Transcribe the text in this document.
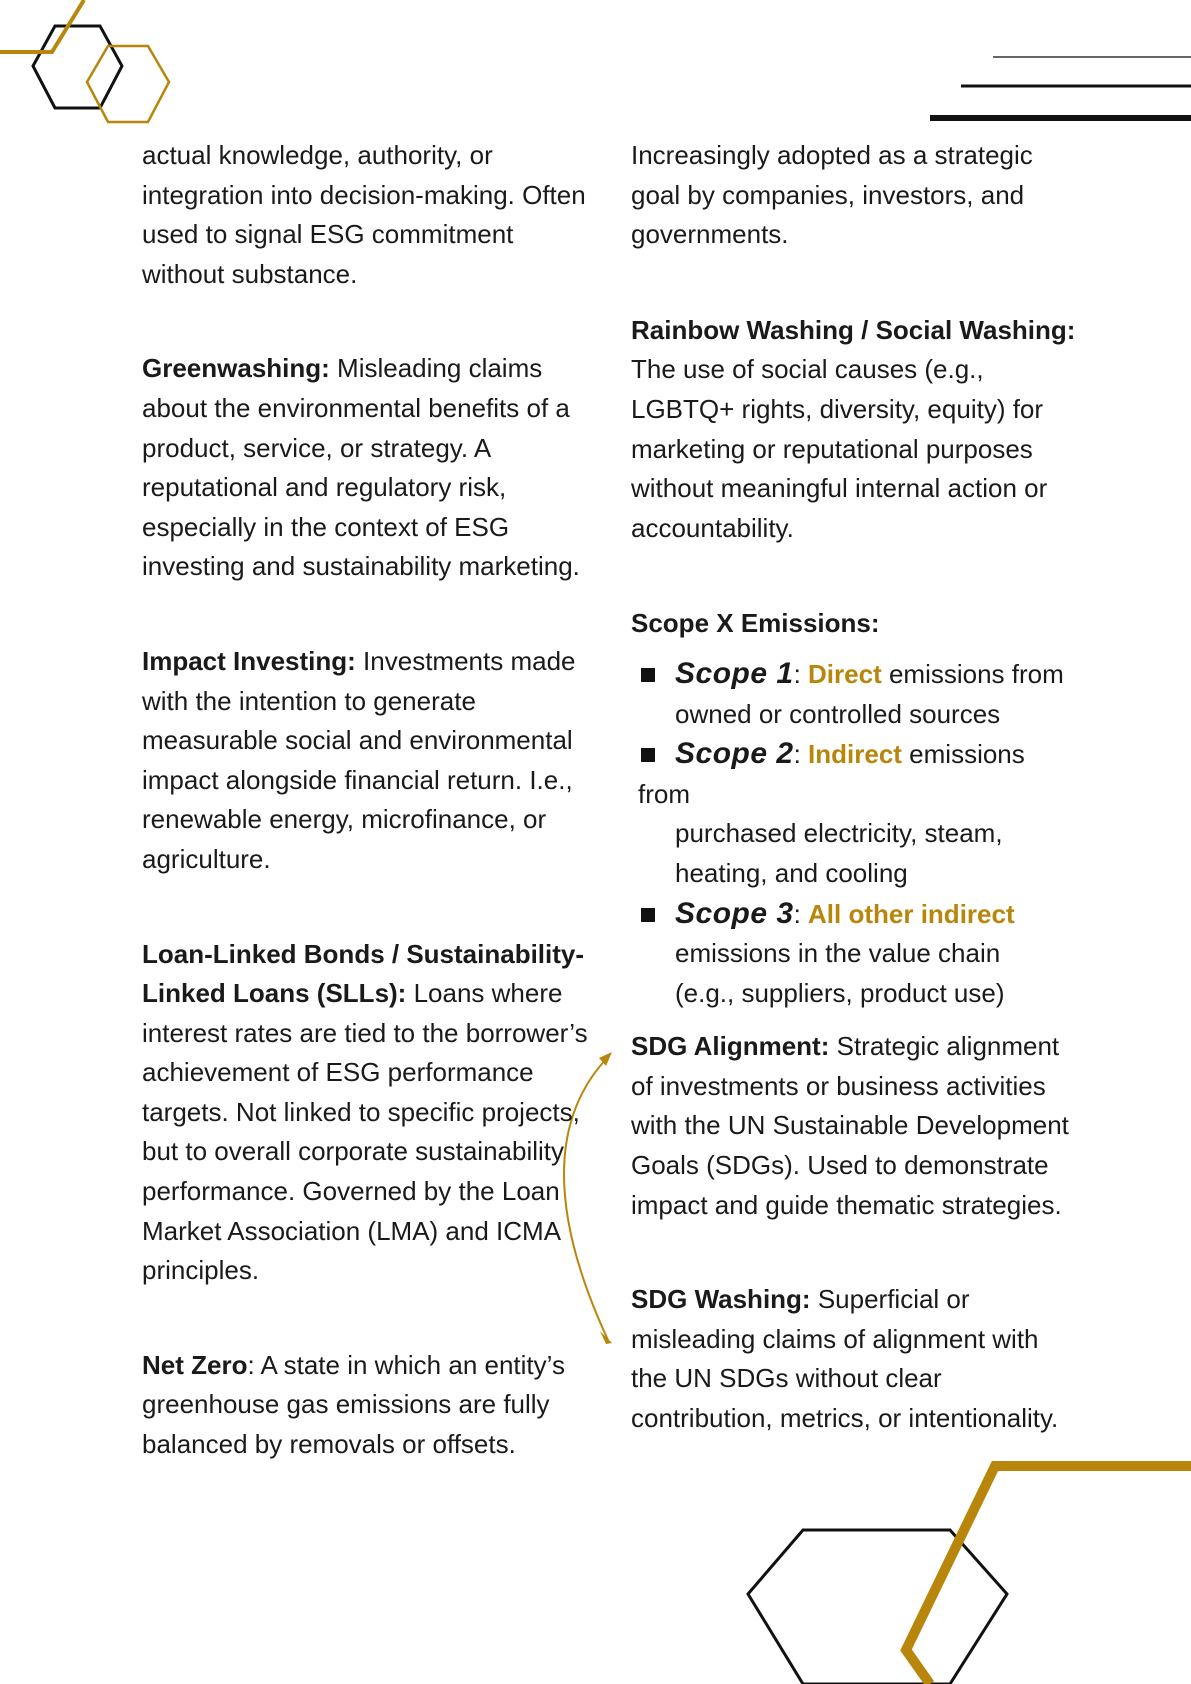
actual knowledge, authority, or integration into decision-making. Often used to signal ESG commitment without substance.

Greenwashing: Misleading claims about the environmental benefits of a product, service, or strategy. A reputational and regulatory risk, especially in the context of ESG investing and sustainability marketing.

Impact Investing: Investments made with the intention to generate measurable social and environmental impact alongside financial return. I.e., renewable energy, microfinance, or agriculture.

Loan-Linked Bonds / Sustainability-Linked Loans (SLLs): Loans where interest rates are tied to the borrower’s achievement of ESG performance targets. Not linked to specific projects, but to overall corporate sustainability performance. Governed by the Loan Market Association (LMA) and ICMA principles.

Net Zero: A state in which an entity’s greenhouse gas emissions are fully balanced by removals or offsets.

Increasingly adopted as a strategic goal by companies, investors, and governments.

Rainbow Washing / Social Washing:
The use of social causes (e.g., LGBTQ+ rights, diversity, equity) for marketing or reputational purposes without meaningful internal action or accountability.

Scope X Emissions:

Scope 1: Direct emissions from
owned or controlled sources
Scope 2: Indirect emissions
from
purchased electricity, steam,
heating, and cooling
Scope 3: All other indirect
emissions in the value chain
(e.g., suppliers, product use)

SDG Alignment: Strategic alignment of investments or business activities with the UN Sustainable Development Goals (SDGs). Used to demonstrate impact and guide thematic strategies.

SDG Washing: Superficial or misleading claims of alignment with the UN SDGs without clear contribution, metrics, or intentionality.
